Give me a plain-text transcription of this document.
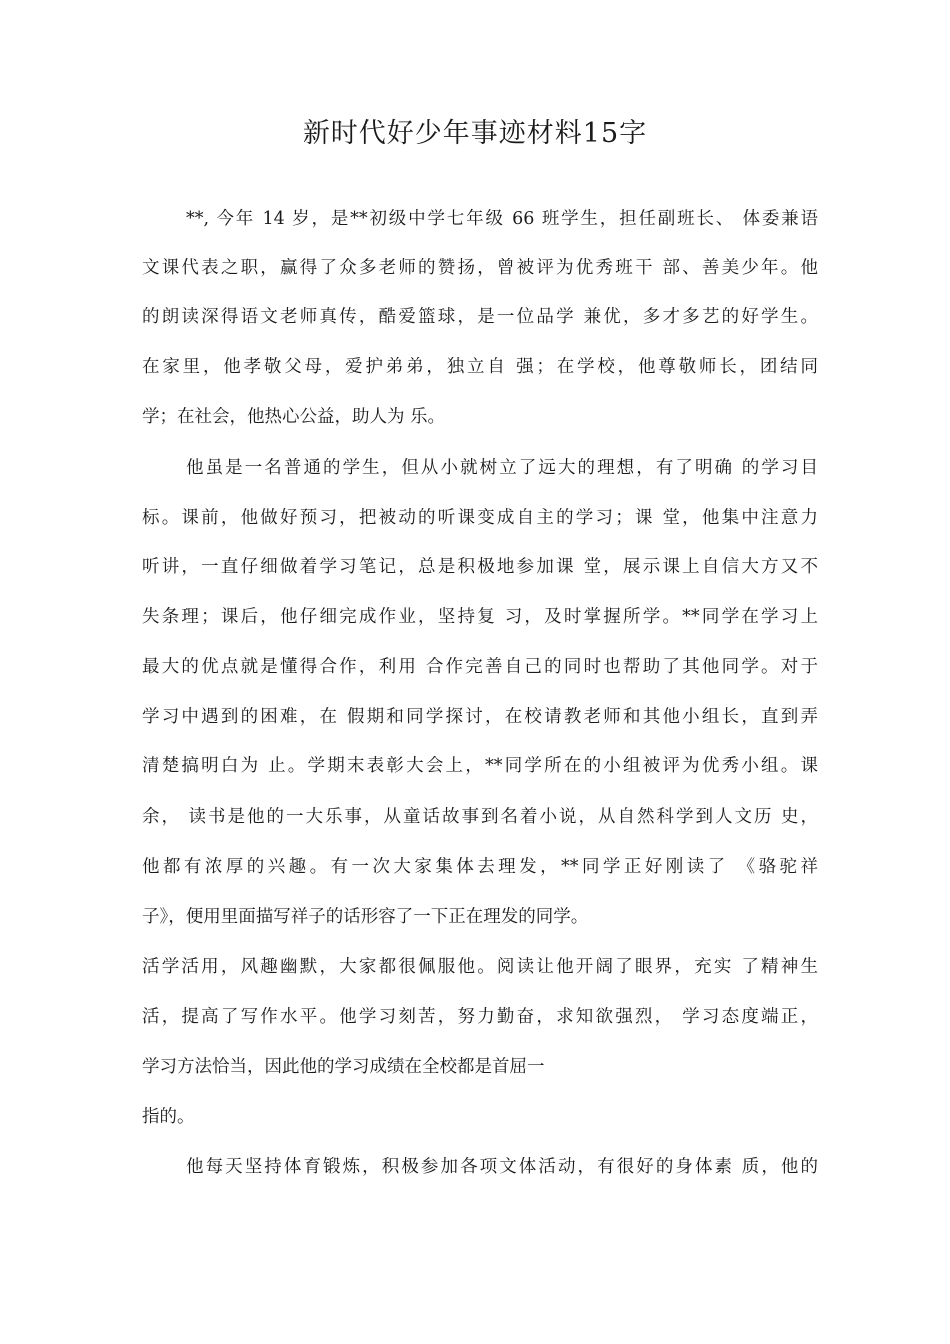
新时代好少年事迹材料15字
**, 今年 14 岁，是**初级中学七年级 66 班学生，担任副班长、 体委兼语
文课代表之职，赢得了众多老师的赞扬，曾被评为优秀班干 部、善美少年。他
的朗读深得语文老师真传，酷爱篮球，是一位品学 兼优，多才多艺的好学生。
在家里，他孝敬父母，爱护弟弟，独立自 强；在学校，他尊敬师长，团结同
学；在社会，他热心公益，助人为 乐。
他虽是一名普通的学生，但从小就树立了远大的理想，有了明确 的学习目
标。课前，他做好预习，把被动的听课变成自主的学习；课 堂，他集中注意力
听讲，一直仔细做着学习笔记，总是积极地参加课 堂，展示课上自信大方又不
失条理；课后，他仔细完成作业，坚持复 习，及时掌握所学。**同学在学习上
最大的优点就是懂得合作，利用 合作完善自己的同时也帮助了其他同学。对于
学习中遇到的困难，在 假期和同学探讨，在校请教老师和其他小组长，直到弄
清楚搞明白为 止。学期末表彰大会上，**同学所在的小组被评为优秀小组。课
余， 读书是他的一大乐事，从童话故事到名着小说，从自然科学到人文历 史，
他都有浓厚的兴趣。有一次大家集体去理发，**同学正好刚读了 《骆驼祥
子》，便用里面描写祥子的话形容了一下正在理发的同学。
活学活用，风趣幽默，大家都很佩服他。阅读让他开阔了眼界，充实 了精神生
活，提高了写作水平。他学习刻苦，努力勤奋，求知欲强烈， 学习态度端正，
学习方法恰当，因此他的学习成绩在全校都是首屈一
指的。
他每天坚持体育锻炼，积极参加各项文体活动，有很好的身体素 质，他的
